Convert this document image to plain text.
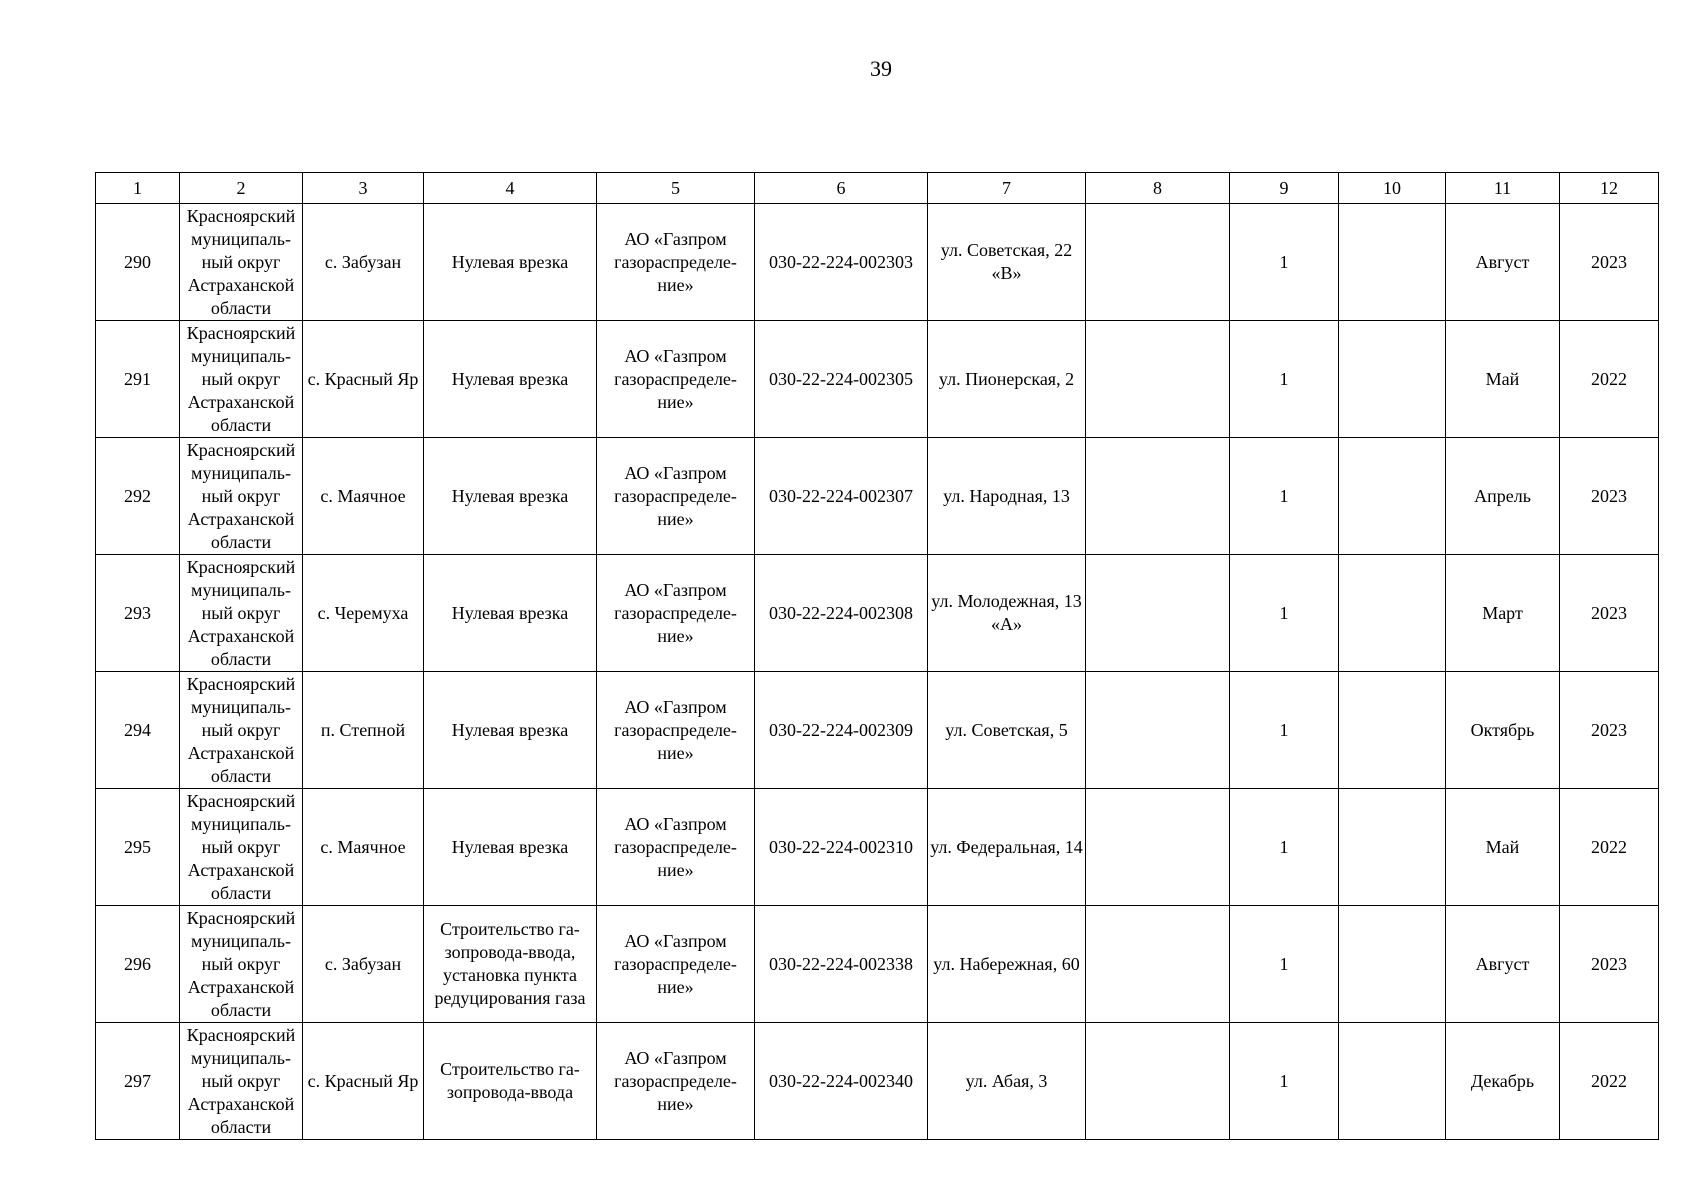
39
1	2	3	4	5	6	7	8	9	10	11	12
290	Красноярский муниципаль-ный округ Астраханской области	с. Забузан	Нулевая врезка	АО «Газпром газораспределе-ние»	030-22-224-002303	ул. Советская, 22 «В»		1		Август	2023
291	Красноярский муниципаль-ный округ Астраханской области	с. Красный Яр	Нулевая врезка	АО «Газпром газораспределе-ние»	030-22-224-002305	ул. Пионерская, 2		1		Май	2022
292	Красноярский муниципаль-ный округ Астраханской области	с. Маячное	Нулевая врезка	АО «Газпром газораспределе-ние»	030-22-224-002307	ул. Народная, 13		1		Апрель	2023
293	Красноярский муниципаль-ный округ Астраханской области	с. Черемуха	Нулевая врезка	АО «Газпром газораспределе-ние»	030-22-224-002308	ул. Молодежная, 13 «А»		1		Март	2023
294	Красноярский муниципаль-ный округ Астраханской области	п. Степной	Нулевая врезка	АО «Газпром газораспределе-ние»	030-22-224-002309	ул. Советская, 5		1		Октябрь	2023
295	Красноярский муниципаль-ный округ Астраханской области	с. Маячное	Нулевая врезка	АО «Газпром газораспределе-ние»	030-22-224-002310	ул. Федеральная, 14		1		Май	2022
296	Красноярский муниципаль-ный округ Астраханской области	с. Забузан	Строительство га-зопровода-ввода, установка пункта редуцирования газа	АО «Газпром газораспределе-ние»	030-22-224-002338	ул. Набережная, 60		1		Август	2023
297	Красноярский муниципаль-ный округ Астраханской области	с. Красный Яр	Строительство га-зопровода-ввода	АО «Газпром газораспределе-ние»	030-22-224-002340	ул. Абая, 3		1		Декабрь	2022
